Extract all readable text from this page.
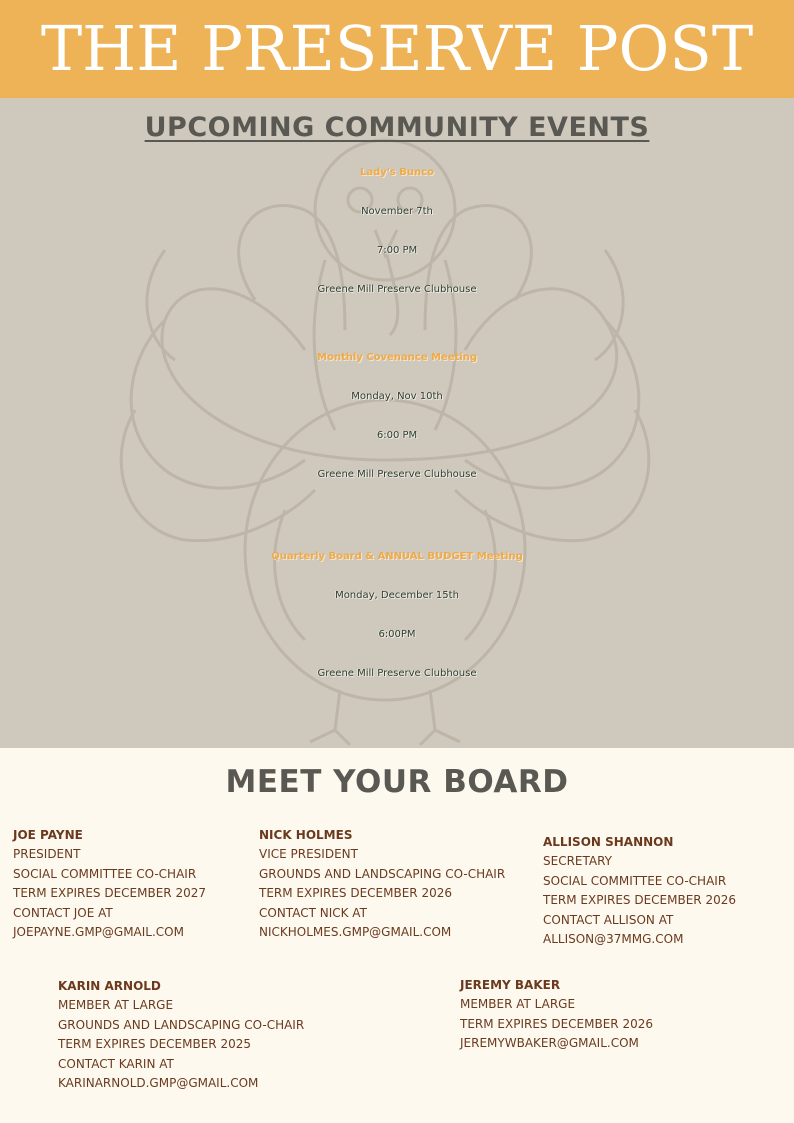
THE PRESERVE POST
UPCOMING COMMUNITY EVENTS
Lady's Bunco
November 7th
7:00 PM
Greene Mill Preserve Clubhouse
Monthly Covenance Meeting
Monday, Nov 10th
6:00 PM
Greene Mill Preserve Clubhouse
Quarterly Board & ANNUAL BUDGET Meeting
Monday, December 15th
6:00PM
Greene Mill Preserve Clubhouse
MEET YOUR BOARD
JOE PAYNE
PRESIDENT
SOCIAL COMMITTEE CO-CHAIR
TERM EXPIRES DECEMBER 2027
CONTACT JOE AT
JOEPAYNE.GMP@GMAIL.COM
NICK HOLMES
VICE PRESIDENT
GROUNDS AND LANDSCAPING CO-CHAIR
TERM EXPIRES DECEMBER 2026
CONTACT NICK AT
NICKHOLMES.GMP@GMAIL.COM
ALLISON SHANNON
SECRETARY
SOCIAL COMMITTEE CO-CHAIR
TERM EXPIRES DECEMBER 2026
CONTACT ALLISON AT
ALLISON@37MMG.COM
KARIN ARNOLD
MEMBER AT LARGE
GROUNDS AND LANDSCAPING CO-CHAIR
TERM EXPIRES DECEMBER 2025
CONTACT KARIN AT
KARINARNOLD.GMP@GMAIL.COM
JEREMY BAKER
MEMBER AT LARGE
TERM EXPIRES DECEMBER 2026
JEREMYWBAKER@GMAIL.COM
